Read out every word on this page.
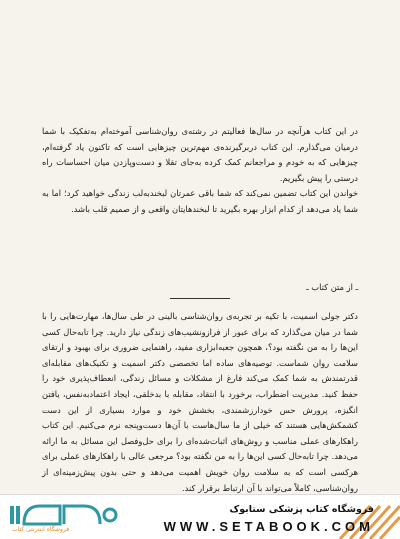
در این کتاب هرآنچه در سال‌ها فعالیتم در رشته‌ی روان‌شناسی آموخته‌ام به‌تفکیک با شما درمیان می‌گذارم. این کتاب دربرگیرنده‌ی مهم‌ترین چیزهایی است که تاکنون یاد گرفته‌ام، چیزهایی که به خودم و مراجعانم کمک کرده به‌جای تقلا و دست‌وپازدن میان احساسات راه درستی را پیش بگیریم.

خواندن این کتاب تضمین نمی‌کند که شما باقی عمرتان لبخندبه‌لب زندگی خواهید کرد؛ اما به شما یاد می‌دهد از کدام ابزار بهره بگیرید تا لبخندهایتان واقعی و از صمیم قلب باشد.

ـ از متن کتاب ـ
دکتر جولی اسمیت، با تکیه بر تجربه‌ی روان‌شناسی بالینی در طی سال‌ها، مهارت‌هایی را با شما در میان می‌گذارد که برای عبور از فرازونشیب‌های زندگی نیاز دارید. چرا تابه‌حال کسی این‌ها را به من نگفته بود؟، همچون جعبه‌ابزاری مفید، راهنمایی ضروری برای بهبود و ارتقای سلامت روان شماست. توصیه‌های ساده اما تخصصی دکتر اسمیت و تکنیک‌های مقابله‌ای قدرتمندش به شما کمک می‌کند فارغ از مشکلات و مسائل زندگی، انعطاف‌پذیری خود را حفظ کنید. مدیریت اضطراب، برخورد با انتقاد، مقابله با بدخلقی، ایجاد اعتمادبه‌نفس، یافتن انگیزه، پرورش حس خودارزشمندی، بخشش خود و موارد بسیاری از این دست کشمکش‌هایی هستند که خیلی از ما سال‌هاست با آن‌ها دست‌وپنجه نرم می‌کنیم. این کتاب راهکارهای عملی مناسب و روش‌های اثبات‌شده‌ای را برای حل‌وفصل این مسائل به ما ارائه می‌دهد. چرا تابه‌حال کسی این‌ها را به من نگفته بود؟ مرجعی عالی با راهکارهای عملی برای هرکسی است که به سلامت روان خویش اهمیت می‌دهد و حتی بدون پیش‌زمینه‌ای از روان‌شناسی، کاملاً می‌تواند با آن ارتباط برقرار کند.
فروشگاه کتاب پزشکی ستابوک
WWW.SETABOOK.COM
فروشگاه اینترنتی کتاب
